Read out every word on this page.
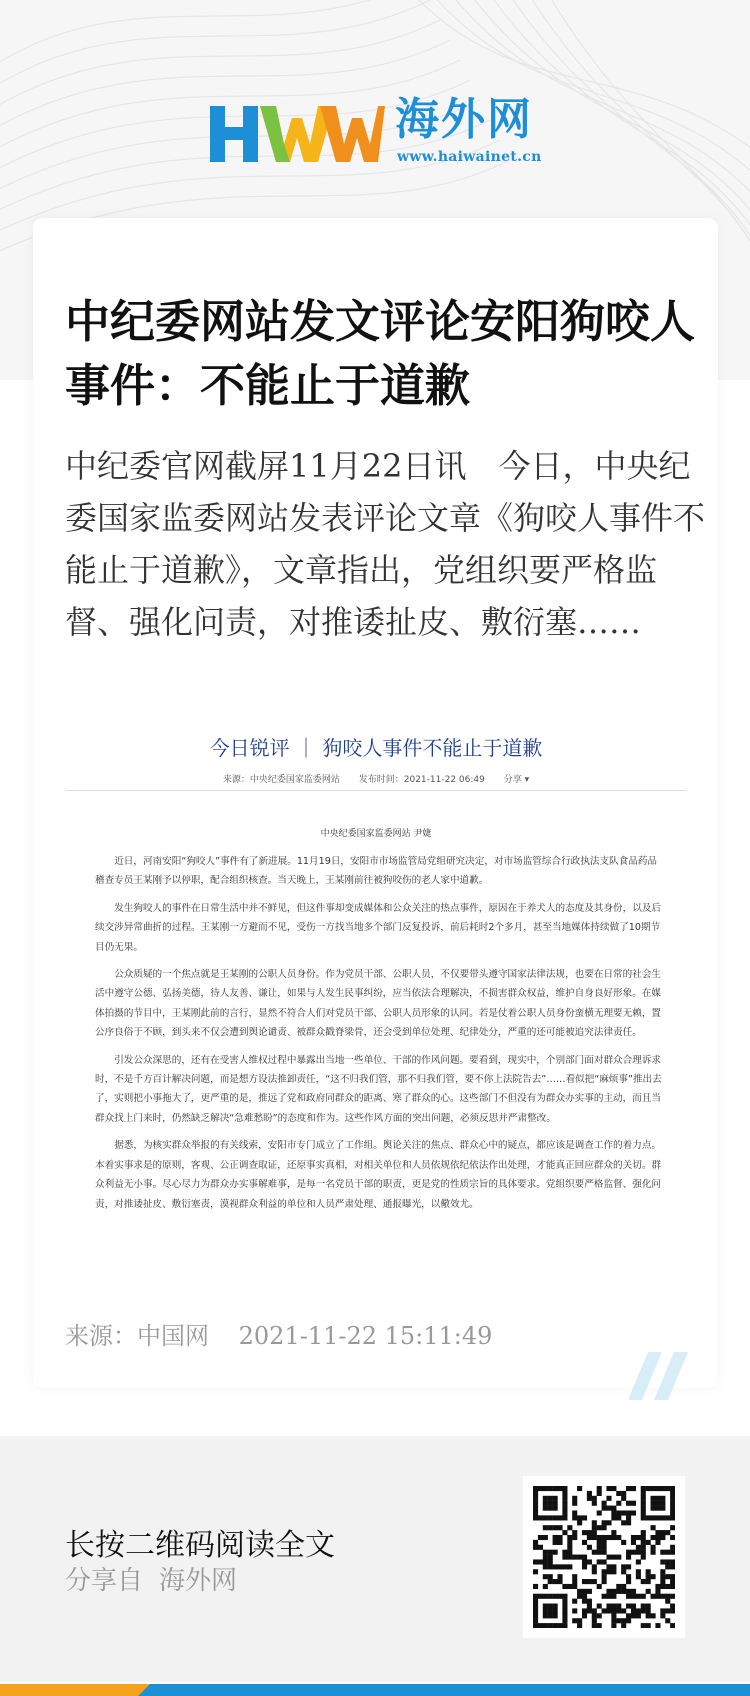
海外网
www.haiwainet.cn
中纪委网站发文评论安阳狗咬人事件：不能止于道歉

中纪委官网截屏11月22日讯　今日，中央纪委国家监委网站发表评论文章《狗咬人事件不能止于道歉》，文章指出，党组织要严格监督、强化问责，对推诿扯皮、敷衍塞……

今日锐评 ｜ 狗咬人事件不能止于道歉
来源：中央纪委国家监委网站 发布时间：2021-11-22 06:49 分享 ▾
中央纪委国家监委网站 尹婕

近日，河南安阳“狗咬人”事件有了新进展。11月19日，安阳市市场监管局党组研究决定，对市场监管综合行政执法支队食品药品稽查专员王某刚予以停职，配合组织核查。当天晚上，王某刚前往被狗咬伤的老人家中道歉。

发生狗咬人的事件在日常生活中并不鲜见，但这件事却变成媒体和公众关注的热点事件，原因在于养犬人的态度及其身份，以及后续交涉异常曲折的过程。王某刚一方避而不见，受伤一方找当地多个部门反复投诉，前后耗时2个多月，甚至当地媒体持续做了10期节目仍无果。

公众质疑的一个焦点就是王某刚的公职人员身份。作为党员干部、公职人员，不仅要带头遵守国家法律法规，也要在日常的社会生活中遵守公德、弘扬美德，待人友善、谦让，如果与人发生民事纠纷，应当依法合理解决，不损害群众权益，维护自身良好形象。在媒体拍摄的节目中，王某刚此前的言行，显然不符合人们对党员干部、公职人员形象的认同。若是仗着公职人员身份蛮横无理要无赖，置公序良俗于不顾，到头来不仅会遭到舆论谴责、被群众戳脊梁骨，还会受到单位处理、纪律处分，严重的还可能被追究法律责任。

引发公众深思的，还有在受害人维权过程中暴露出当地一些单位、干部的作风问题。要看到，现实中，个别部门面对群众合理诉求时，不是千方百计解决问题，而是想方设法推卸责任，“这不归我们管，那不归我们管，要不你上法院告去”……看似把“麻烦事”推出去了，实则把小事拖大了，更严重的是，推远了党和政府同群众的距离、寒了群众的心。这些部门不但没有为群众办实事的主动，而且当群众找上门来时，仍然缺乏解决“急难愁盼”的态度和作为。这些作风方面的突出问题，必须反思并严肃整改。

据悉，为核实群众举报的有关线索，安阳市专门成立了工作组。舆论关注的焦点、群众心中的疑点，都应该是调查工作的着力点。本着实事求是的原则，客观、公正调查取证，还原事实真相，对相关单位和人员依规依纪依法作出处理，才能真正回应群众的关切。群众利益无小事。尽心尽力为群众办实事解难事，是每一名党员干部的职责，更是党的性质宗旨的具体要求。党组织要严格监督、强化问责，对推诿扯皮、敷衍塞责，漠视群众利益的单位和人员严肃处理、通报曝光，以儆效尤。

来源：中国网 2021-11-22 15:11:49
长按二维码阅读全文
分享自 海外网
